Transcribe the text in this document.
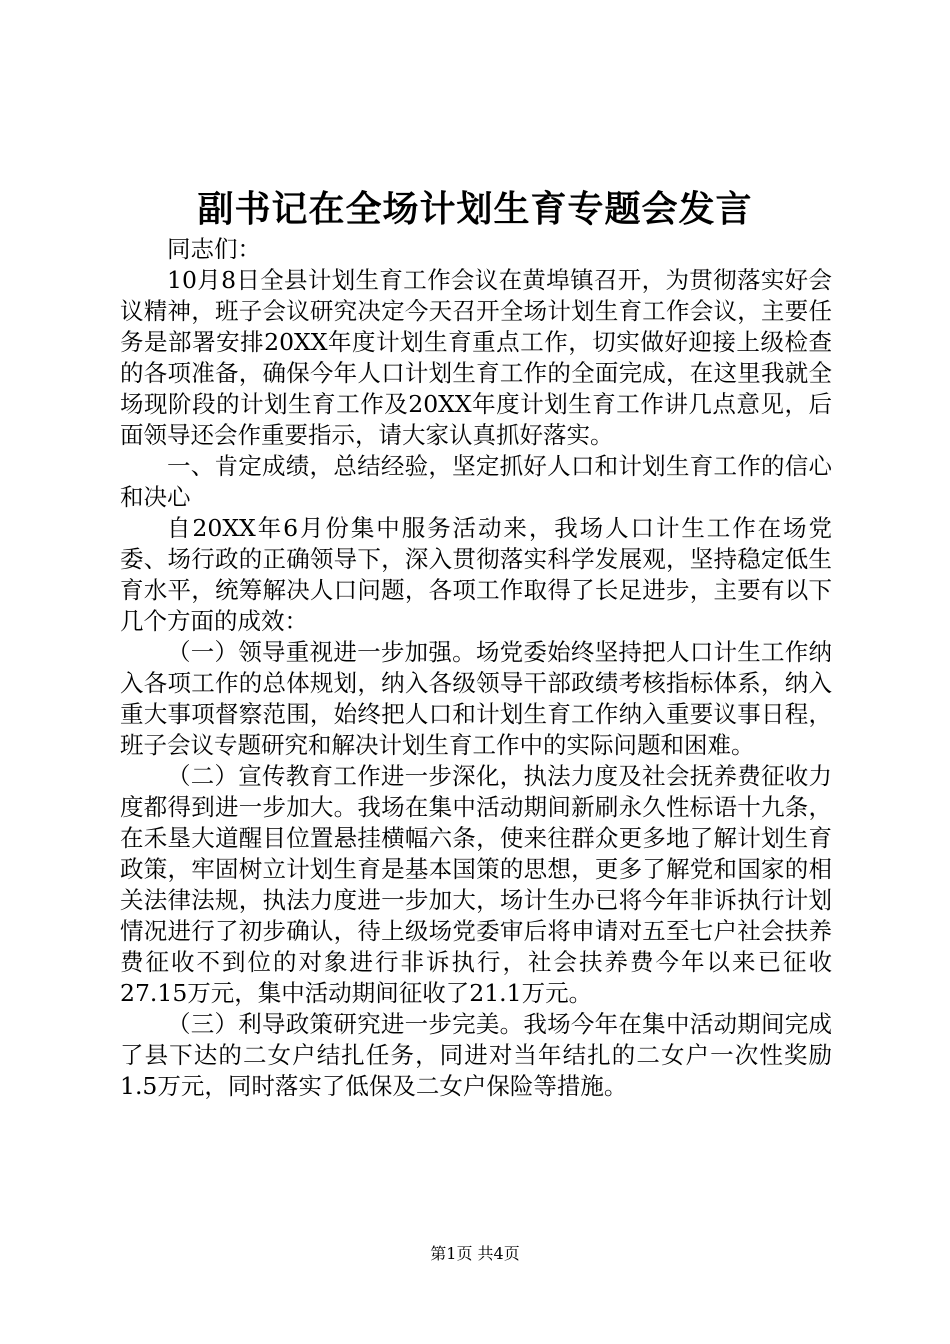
副书记在全场计划生育专题会发言

同志们：

10月8日全县计划生育工作会议在黄埠镇召开，为贯彻落实好会议精神，班子会议研究决定今天召开全场计划生育工作会议，主要任务是部署安排20XX年度计划生育重点工作，切实做好迎接上级检查的各项准备，确保今年人口计划生育工作的全面完成，在这里我就全场现阶段的计划生育工作及20XX年度计划生育工作讲几点意见，后面领导还会作重要指示，请大家认真抓好落实。

一、肯定成绩，总结经验，坚定抓好人口和计划生育工作的信心和决心

自20XX年6月份集中服务活动来，我场人口计生工作在场党委、场行政的正确领导下，深入贯彻落实科学发展观，坚持稳定低生育水平，统筹解决人口问题，各项工作取得了长足进步，主要有以下几个方面的成效：

（一）领导重视进一步加强。场党委始终坚持把人口计生工作纳入各项工作的总体规划，纳入各级领导干部政绩考核指标体系，纳入重大事项督察范围，始终把人口和计划生育工作纳入重要议事日程，班子会议专题研究和解决计划生育工作中的实际问题和困难。

（二）宣传教育工作进一步深化，执法力度及社会抚养费征收力度都得到进一步加大。我场在集中活动期间新刷永久性标语十九条，在禾垦大道醒目位置悬挂横幅六条，使来往群众更多地了解计划生育政策，牢固树立计划生育是基本国策的思想，更多了解党和国家的相关法律法规，执法力度进一步加大，场计生办已将今年非诉执行计划情况进行了初步确认，待上级场党委审后将申请对五至七户社会扶养费征收不到位的对象进行非诉执行，社会扶养费今年以来已征收27.15万元，集中活动期间征收了21.1万元。

（三）利导政策研究进一步完美。我场今年在集中活动期间完成了县下达的二女户结扎任务，同进对当年结扎的二女户一次性奖励1.5万元，同时落实了低保及二女户保险等措施。

第1页 共4页
